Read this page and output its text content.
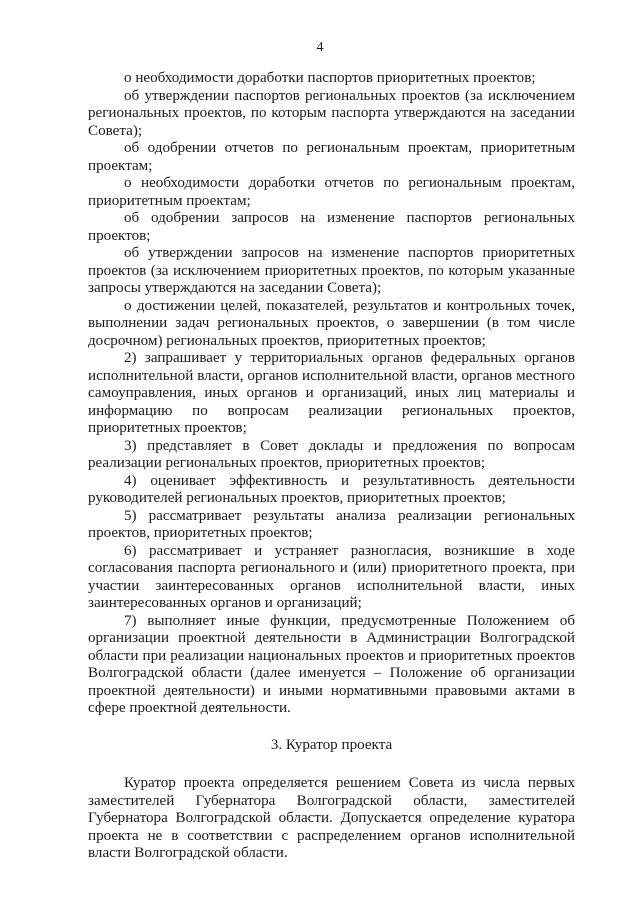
4

о необходимости доработки паспортов приоритетных проектов;

об утверждении паспортов региональных проектов (за исключением региональных проектов, по которым паспорта утверждаются на заседании Совета);

об одобрении отчетов по региональным проектам, приоритетным проектам;

о необходимости доработки отчетов по региональным проектам, приоритетным проектам;

об одобрении запросов на изменение паспортов региональных проектов;

об утверждении запросов на изменение паспортов приоритетных проектов (за исключением приоритетных проектов, по которым указанные запросы утверждаются на заседании Совета);

о достижении целей, показателей, результатов и контрольных точек, выполнении задач региональных проектов, о завершении (в том числе досрочном) региональных проектов, приоритетных проектов;

2) запрашивает у территориальных органов федеральных органов исполнительной власти, органов исполнительной власти, органов местного самоуправления, иных органов и организаций, иных лиц материалы и информацию по вопросам реализации региональных проектов, приоритетных проектов;

3) представляет в Совет доклады и предложения по вопросам реализации региональных проектов, приоритетных проектов;

4) оценивает эффективность и результативность деятельности руководителей региональных проектов, приоритетных проектов;

5) рассматривает результаты анализа реализации региональных проектов, приоритетных проектов;

6) рассматривает и устраняет разногласия, возникшие в ходе согласования паспорта регионального и (или) приоритетного проекта, при участии заинтересованных органов исполнительной власти, иных заинтересованных органов и организаций;

7) выполняет иные функции, предусмотренные Положением об организации проектной деятельности в Администрации Волгоградской области при реализации национальных проектов и приоритетных проектов Волгоградской области (далее именуется – Положение об организации проектной деятельности) и иными нормативными правовыми актами в сфере проектной деятельности.

3. Куратор проекта

Куратор проекта определяется решением Совета из числа первых заместителей Губернатора Волгоградской области, заместителей Губернатора Волгоградской области. Допускается определение куратора проекта не в соответствии с распределением органов исполнительной власти Волгоградской области.
